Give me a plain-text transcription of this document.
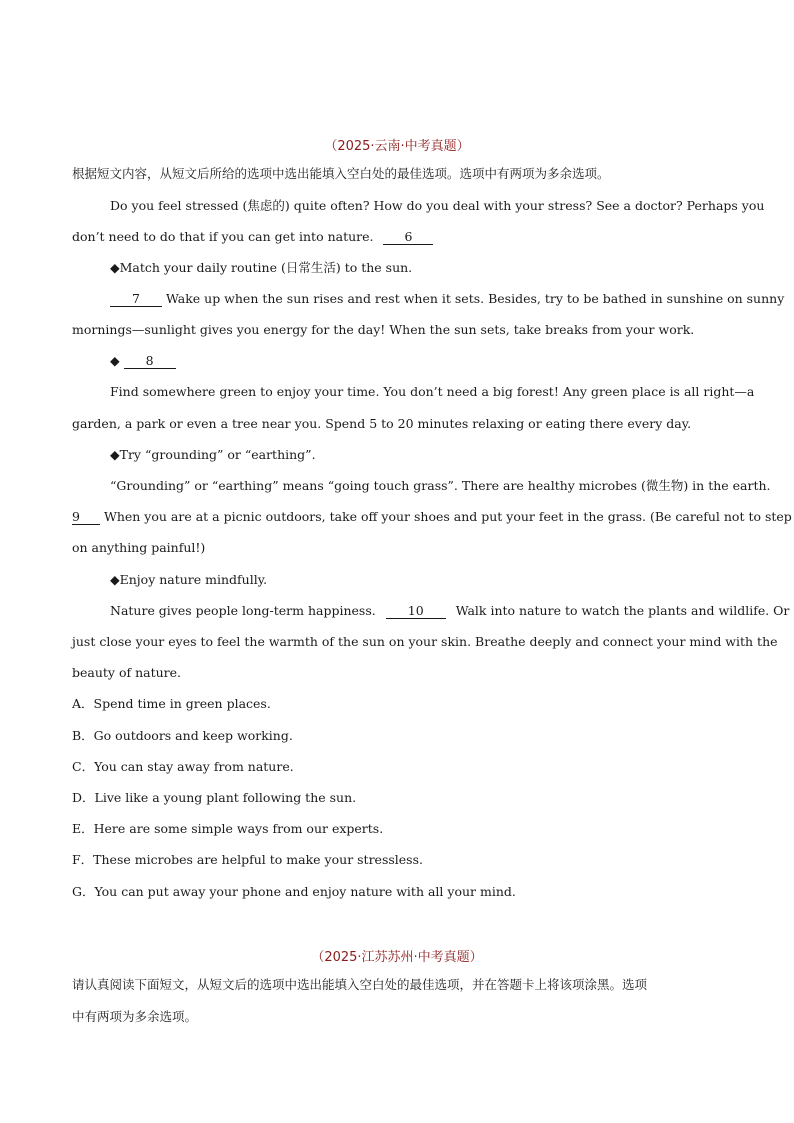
（2025·云南·中考真题）
根据短文内容，从短文后所给的选项中选出能填入空白处的最佳选项。选项中有两项为多余选项。
Do you feel stressed (焦虑的) quite often? How do you deal with your stress? See a doctor? Perhaps you
don’t need to do that if you can get into nature. 6
◆Match your daily routine (日常生活) to the sun.
7 Wake up when the sun rises and rest when it sets. Besides, try to be bathed in sunshine on sunny
mornings—sunlight gives you energy for the day! When the sun sets, take breaks from your work.
◆ 8
Find somewhere green to enjoy your time. You don’t need a big forest! Any green place is all right—a
garden, a park or even a tree near you. Spend 5 to 20 minutes relaxing or eating there every day.
◆Try “grounding” or “earthing”.
“Grounding” or “earthing” means “going touch grass”. There are healthy microbes (微生物) in the earth.
9 When you are at a picnic outdoors, take off your shoes and put your feet in the grass. (Be careful not to step
on anything painful!)
◆Enjoy nature mindfully.
Nature gives people long-term happiness.	10	Walk into nature to watch the plants and wildlife. Or
just close your eyes to feel the warmth of the sun on your skin. Breathe deeply and connect your mind with the
beauty of nature.
A．Spend time in green places.
B．Go outdoors and keep working.
C．You can stay away from nature.
D．Live like a young plant following the sun.
E．Here are some simple ways from our experts.
F．These microbes are helpful to make your stressless.
G．You can put away your phone and enjoy nature with all your mind.
（2025·江苏苏州·中考真题）
请认真阅读下面短文，从短文后的选项中选出能填入空白处的最佳选项，并在答题卡上将该项涂黑。选项
中有两项为多余选项。
